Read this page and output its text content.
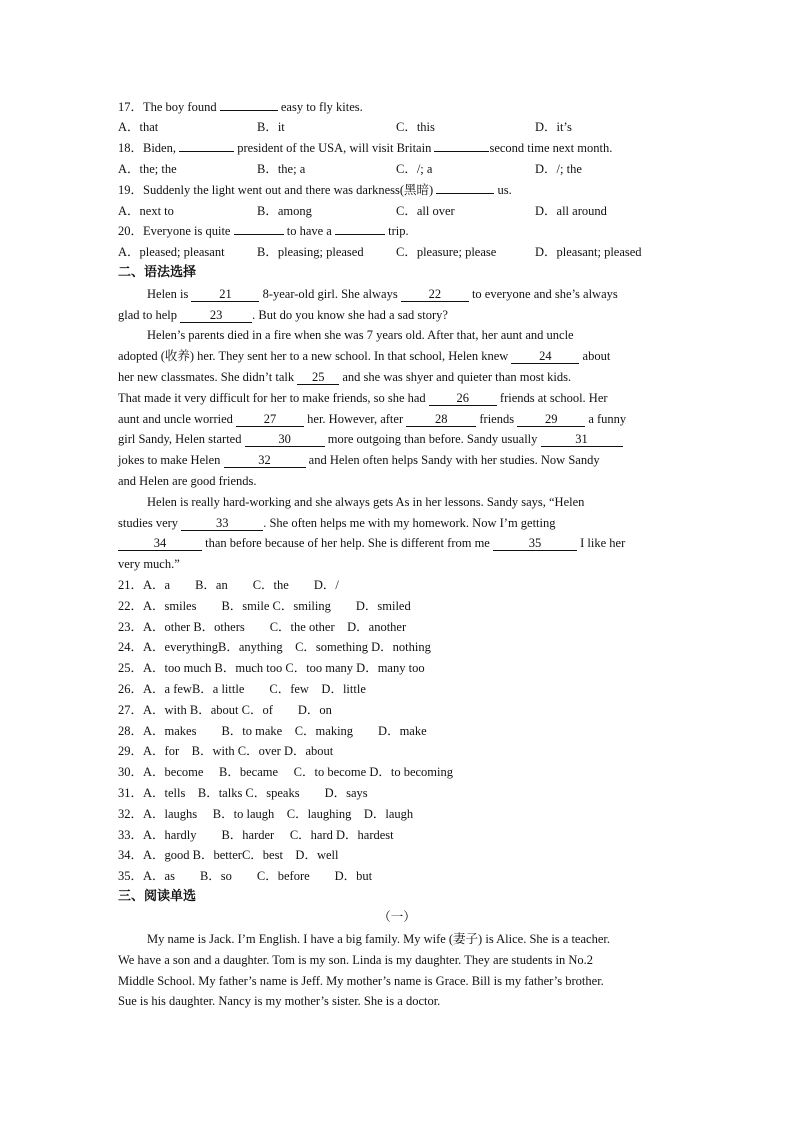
17．The boy found	easy to fly kites.
A．that	B．it	C．this	D．it’s
18．Biden,	president of the USA, will visit Britain	second time next month.
A．the; the	B．the; a	C．/; a	D．/; the
19．Suddenly the light went out and there was darkness(黑暗)	us.
A．next to	B．among	C．all over	D．all around
20．Everyone is quite	to have a	trip.
A．pleased; pleasant	B．pleasing; pleased	C．pleasure; please	D．pleasant; pleased
二、语法选择
Helen is 21 8-year-old girl. She always 22 to everyone and she’s always
glad to help	23 . But do you know she had a sad story?
Helen’s parents died in a fire when she was 7 years old. After that, her aunt and uncle
adopted (收养) her. They sent her to a new school. In that school, Helen knew 24 about
her new classmates. She didn’t talk 25 and she was shyer and quieter than most kids.
That made it very difficult for her to make friends, so she had 26 friends at school. Her
aunt and uncle worried 27 her. However, after	28	friends 29 a funny
girl Sandy, Helen started	30	more outgoing than before. Sandy usually	31
jokes to make Helen	32	and Helen often helps Sandy with her studies. Now Sandy
and Helen are good friends.
Helen is really hard-working and she always gets As in her lessons. Sandy says, “Helen
studies very	33	. She often helps me with my homework. Now I’m getting
34	than before because of her help. She is different from me	35	I like her
very much.”
21．A．a　　B．an　　C．the　　D．/
22．A．smiles　　B．smile C．smiling　　D．smiled
23．A．other B．others　　C．the other　D．another
24．A．everythingB．anything　C．something D．nothing
25．A．too much B．much too C．too many D．many too
26．A．a fewB．a little　　C．few　D．little
27．A．with B．about C．of　　D．on
28．A．makes　　B．to make　C．making　　D．make
29．A．for　B．with C．over D．about
30．A．become　 B．became　 C．to become D．to becoming
31．A．tells　B．talks C．speaks　　D．says
32．A．laughs　 B．to laugh　C．laughing　D．laugh
33．A．hardly　　B．harder　 C．hard D．hardest
34．A．good B．betterC．best　D．well
35．A．as　　B．so　　C．before　　D．but
三、阅读单选
（一）
My name is Jack. I’m English. I have a big family. My wife (妻子) is Alice. She is a teacher.
We have a son and a daughter. Tom is my son. Linda is my daughter. They are students in No.2
Middle School. My father’s name is Jeff. My mother’s name is Grace. Bill is my father’s brother.
Sue is his daughter. Nancy is my mother’s sister. She is a doctor.
